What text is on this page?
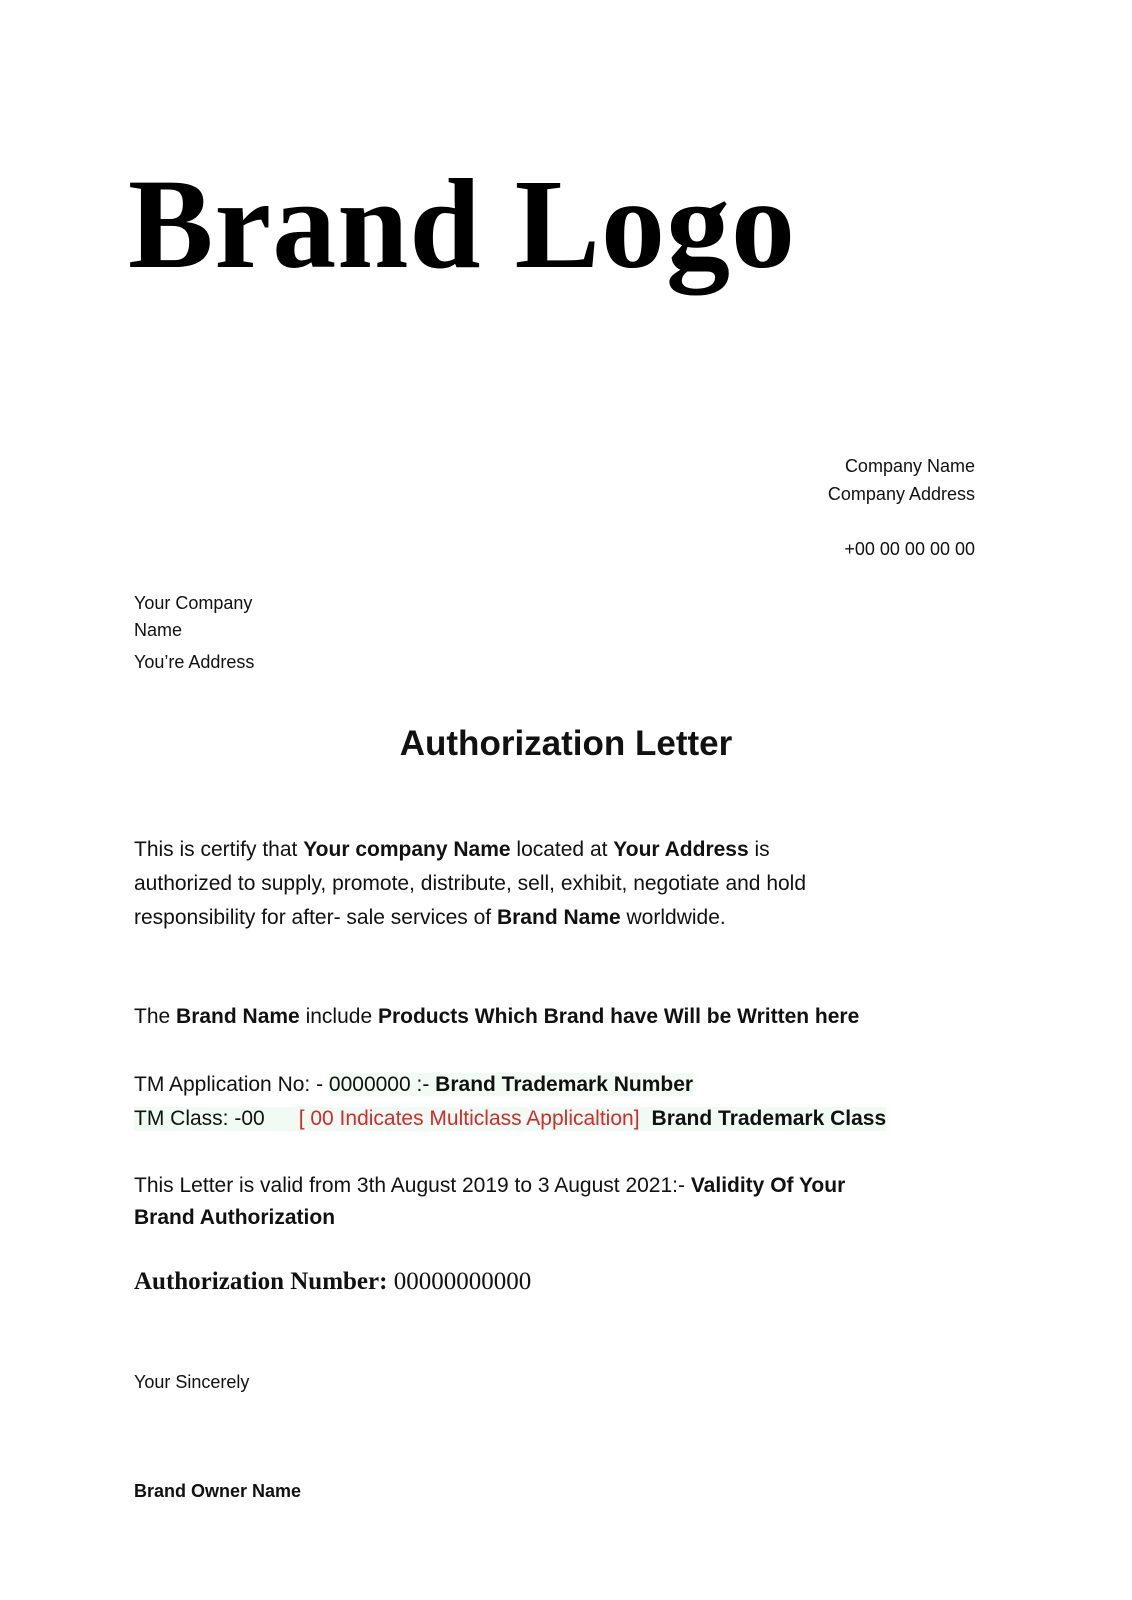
Brand Logo
Company Name
Company Address
+00 00 00 00 00
Your Company
Name
You’re Address
Authorization Letter
This is certify that Your company Name located at Your Address is
authorized to supply, promote, distribute, sell, exhibit, negotiate and hold
responsibility for after- sale services of Brand Name worldwide.
The Brand Name include Products Which Brand have Will be Written here
TM Application No: - 0000000 :- Brand Trademark Number
TM Class: -00 [ 00 Indicates Multiclass Applicaltion] Brand Trademark Class
This Letter is valid from 3th August 2019 to 3 August 2021:- Validity Of Your
Brand Authorization
Authorization Number: 00000000000
Your Sincerely
Brand Owner Name
